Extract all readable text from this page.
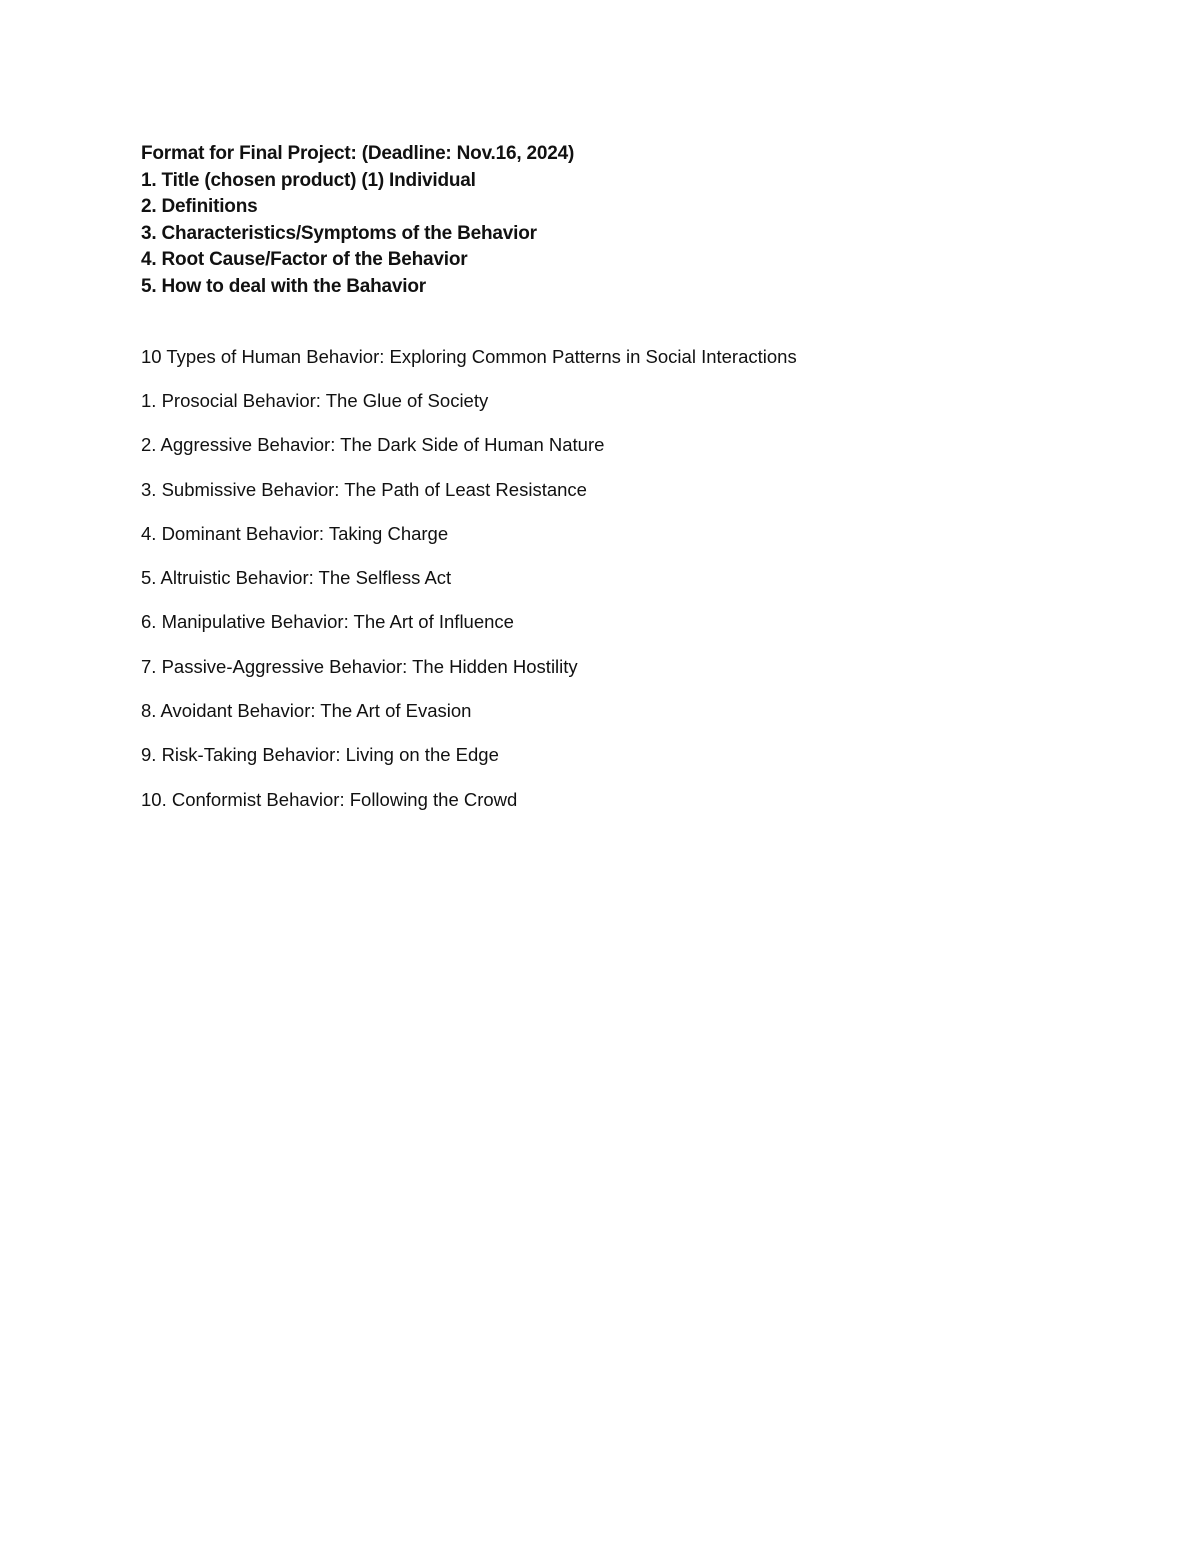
Format for Final Project: (Deadline: Nov.16, 2024)
1. Title (chosen product) (1) Individual
2. Definitions
3. Characteristics/Symptoms of the Behavior
4. Root Cause/Factor of the Behavior
5. How to deal with the Bahavior
10 Types of Human Behavior: Exploring Common Patterns in Social Interactions
1. Prosocial Behavior: The Glue of Society
2. Aggressive Behavior: The Dark Side of Human Nature
3. Submissive Behavior: The Path of Least Resistance
4. Dominant Behavior: Taking Charge
5. Altruistic Behavior: The Selfless Act
6. Manipulative Behavior: The Art of Influence
7. Passive-Aggressive Behavior: The Hidden Hostility
8. Avoidant Behavior: The Art of Evasion
9. Risk-Taking Behavior: Living on the Edge
10. Conformist Behavior: Following the Crowd
